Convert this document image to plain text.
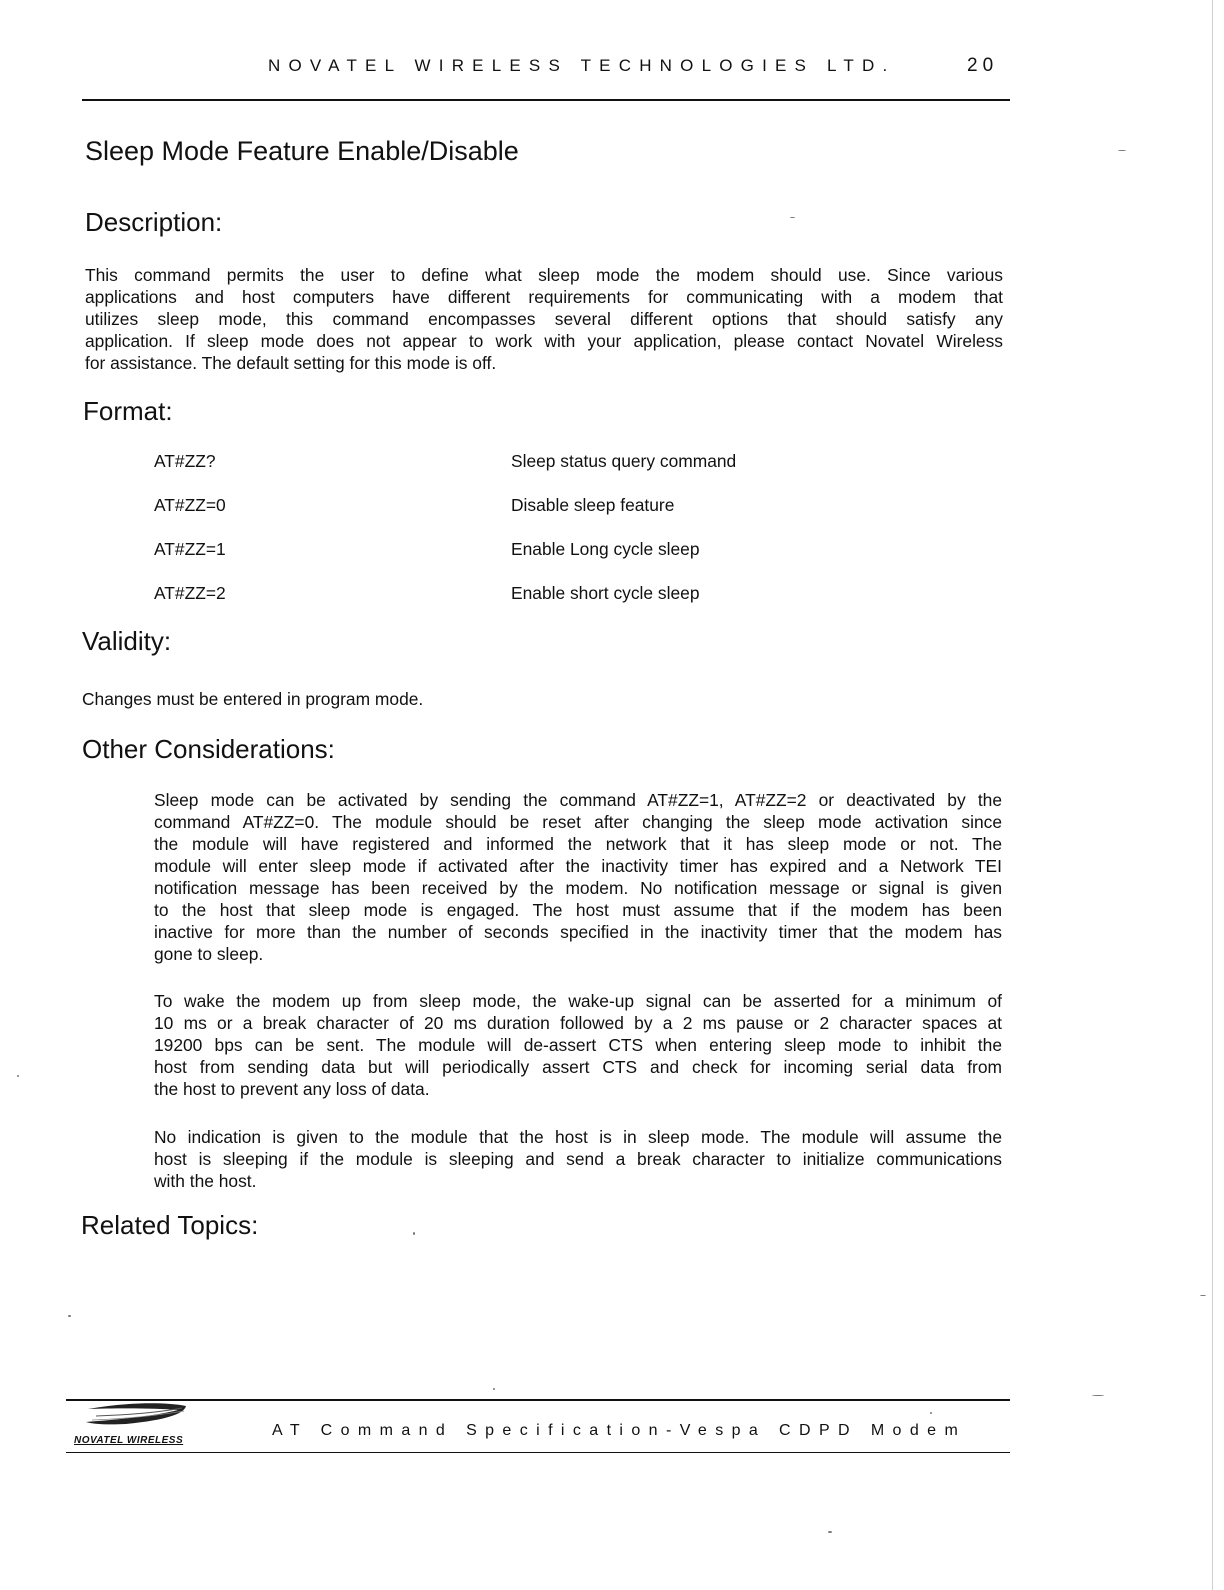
NOVATEL WIRELESS TECHNOLOGIES LTD.	20
Sleep Mode Feature Enable/Disable
Description:
This command permits the user to define what sleep mode the modem should use. Since various
applications and host computers have different requirements for communicating with a modem that
utilizes sleep mode, this command encompasses several different options that should satisfy any
application. If sleep mode does not appear to work with your application, please contact Novatel Wireless
for assistance. The default setting for this mode is off.
Format:
AT#ZZ?	Sleep status query command
AT#ZZ=0	Disable sleep feature
AT#ZZ=1	Enable Long cycle sleep
AT#ZZ=2	Enable short cycle sleep
Validity:
Changes must be entered in program mode.
Other Considerations:
Sleep mode can be activated by sending the command AT#ZZ=1, AT#ZZ=2 or deactivated by the
command AT#ZZ=0. The module should be reset after changing the sleep mode activation since
the module will have registered and informed the network that it has sleep mode or not. The
module will enter sleep mode if activated after the inactivity timer has expired and a Network TEI
notification message has been received by the modem. No notification message or signal is given
to the host that sleep mode is engaged. The host must assume that if the modem has been
inactive for more than the number of seconds specified in the inactivity timer that the modem has
gone to sleep.
To wake the modem up from sleep mode, the wake-up signal can be asserted for a minimum of
10 ms or a break character of 20 ms duration followed by a 2 ms pause or 2 character spaces at
19200 bps can be sent. The module will de-assert CTS when entering sleep mode to inhibit the
host from sending data but will periodically assert CTS and check for incoming serial data from
the host to prevent any loss of data.
No indication is given to the module that the host is in sleep mode. The module will assume the
host is sleeping if the module is sleeping and send a break character to initialize communications
with the host.
Related Topics:
NOVATEL WIRELESS
AT Command Specification-Vespa CDPD Modem
